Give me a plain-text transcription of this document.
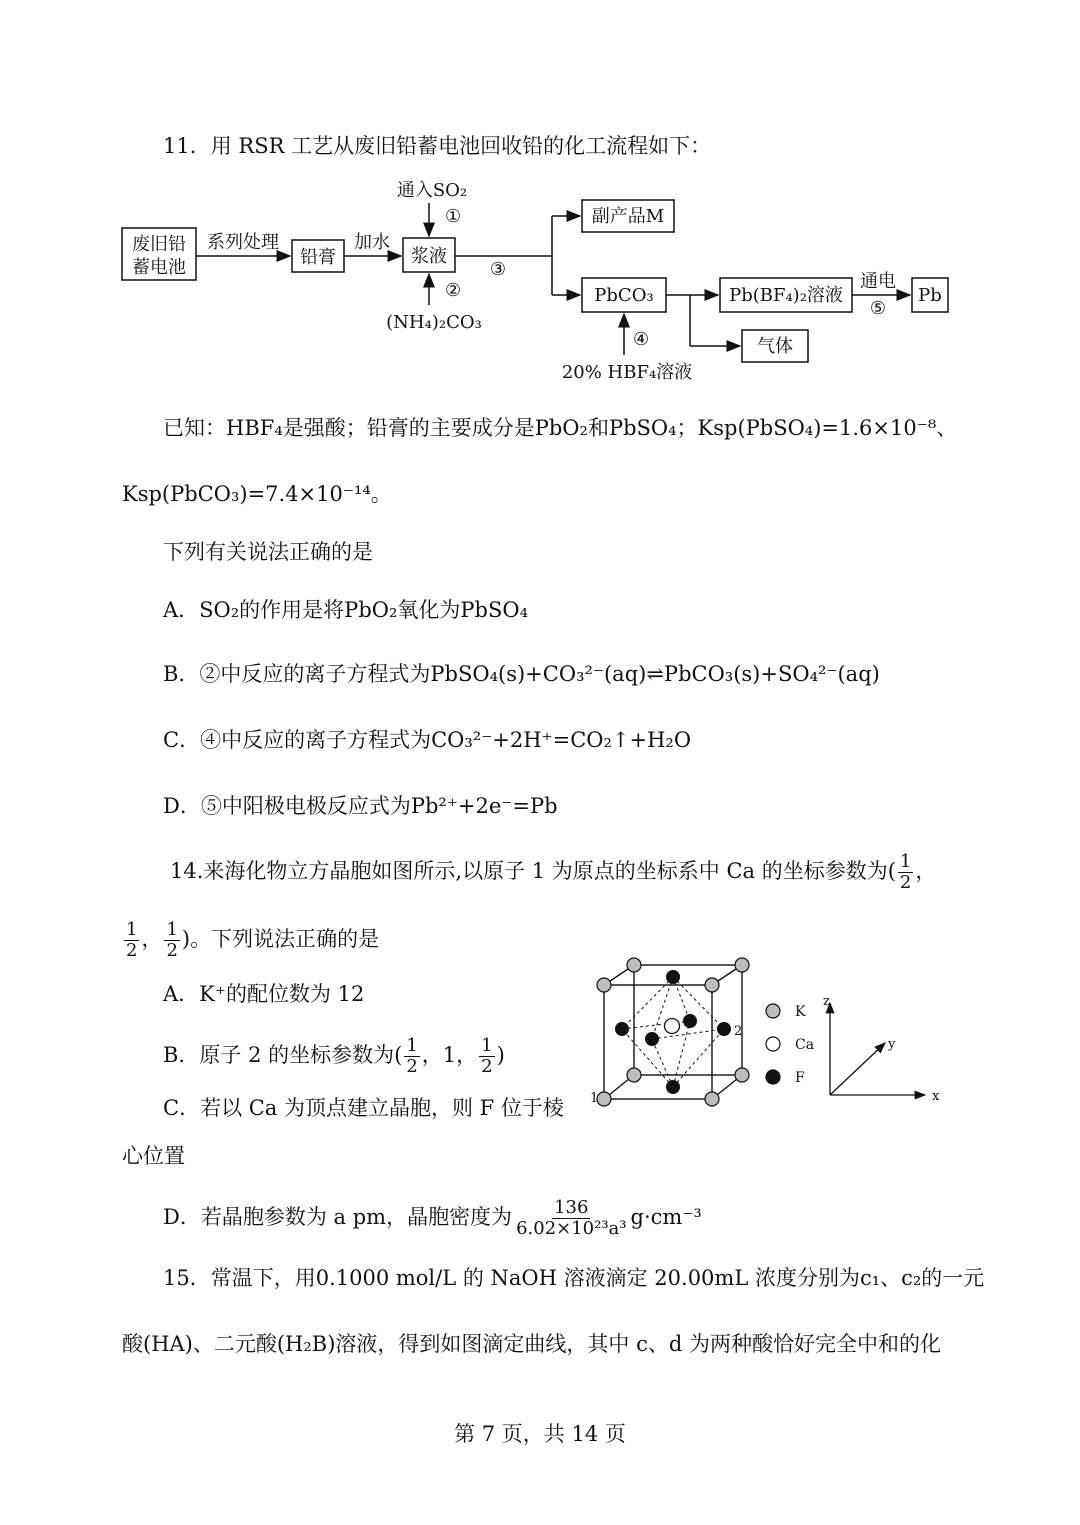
11．用 RSR 工艺从废旧铅蓄电池回收铅的化工流程如下：
废旧铅
蓄电池
系列处理
铅膏
加水
浆液
通入SO₂
①
②
(NH₄)₂CO₃
③
副产品M
PbCO₃
④
20% HBF₄溶液
Pb(BF₄)₂溶液
通电
⑤
Pb
气体
已知：HBF₄是强酸；铅膏的主要成分是PbO₂和PbSO₄；Ksp(PbSO₄)=1.6×10⁻⁸、
Ksp(PbCO₃)=7.4×10⁻¹⁴。
下列有关说法正确的是
A．SO₂的作用是将PbO₂氧化为PbSO₄
B．②中反应的离子方程式为PbSO₄(s)+CO₃²⁻(aq)⇌PbCO₃(s)+SO₄²⁻(aq)
C．④中反应的离子方程式为CO₃²⁻+2H⁺=CO₂↑+H₂O
D．⑤中阳极电极反应式为Pb²⁺+2e⁻=Pb
14.来海化物立方晶胞如图所示,以原子 1 为原点的坐标系中 Ca 的坐标参数为( $\frac{1}{2}$ ，
$\frac{1}{2}$ ， $\frac{1}{2}$ )。下列说法正确的是
A．K⁺的配位数为 12
B．原子 2 的坐标参数为( $\frac{1}{2}$ ，1， $\frac{1}{2}$ )
C．若以 Ca 为顶点建立晶胞，则 F 位于棱
心位置
D．若晶胞参数为 a pm，晶胞密度为 $\frac{136}{\text{6.02×10²³a³}} g\cdot cm^{-3}$
1
2
K
Ca
F
z
x
y
15．常温下，用0.1000 mol/L 的 NaOH 溶液滴定 20.00mL 浓度分别为c₁、c₂的一元
酸(HA)、二元酸(H₂B)溶液，得到如图滴定曲线，其中 c、d 为两种酸恰好完全中和的化
第 7 页，共 14 页
